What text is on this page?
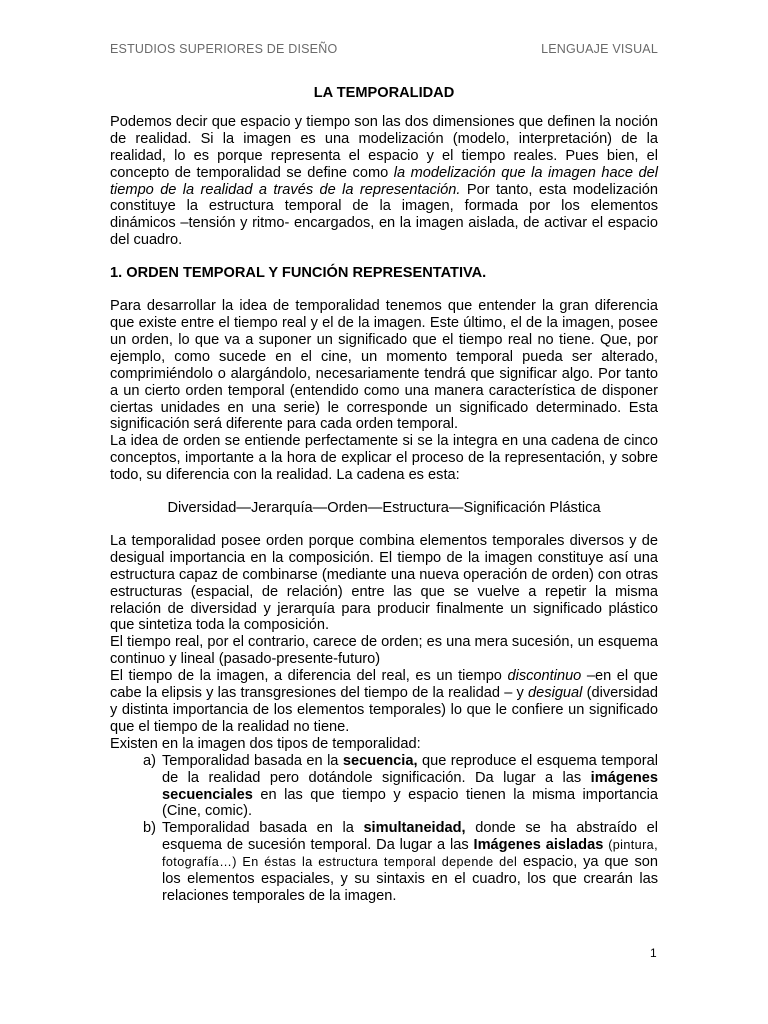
ESTUDIOS SUPERIORES DE DISEÑO	LENGUAJE VISUAL
LA TEMPORALIDAD

Podemos decir que espacio y tiempo son las dos dimensiones que definen la noción de realidad. Si la imagen es una modelización (modelo, interpretación) de la realidad, lo es porque representa el espacio y el tiempo reales. Pues bien, el concepto de temporalidad se define como la modelización que la imagen hace del tiempo de la realidad a través de la representación. Por tanto, esta modelización constituye la estructura temporal de la imagen, formada por los elementos dinámicos –tensión y ritmo- encargados, en la imagen aislada, de activar el espacio del cuadro.

1. ORDEN TEMPORAL Y FUNCIÓN REPRESENTATIVA.

Para desarrollar la idea de temporalidad tenemos que entender la gran diferencia que existe entre el tiempo real y el de la imagen. Este último, el de la imagen, posee un orden, lo que va a suponer un significado que el tiempo real no tiene. Que, por ejemplo, como sucede en el cine, un momento temporal pueda ser alterado, comprimiéndolo o alargándolo, necesariamente tendrá que significar algo. Por tanto a un cierto orden temporal (entendido como una manera característica de disponer ciertas unidades en una serie) le corresponde un significado determinado. Esta significación será diferente para cada orden temporal.

La idea de orden se entiende perfectamente si se la integra en una cadena de cinco conceptos, importante a la hora de explicar el proceso de la representación, y sobre todo, su diferencia con la realidad. La cadena es esta:

Diversidad—Jerarquía—Orden—Estructura—Significación Plástica

La temporalidad posee orden porque combina elementos temporales diversos y de desigual importancia en la composición. El tiempo de la imagen constituye así una estructura capaz de combinarse (mediante una nueva operación de orden) con otras estructuras (espacial, de relación) entre las que se vuelve a repetir la misma relación de diversidad y jerarquía para producir finalmente un significado plástico que sintetiza toda la composición.

El tiempo real, por el contrario, carece de orden; es una mera sucesión, un esquema continuo y lineal (pasado-presente-futuro)

El tiempo de la imagen, a diferencia del real, es un tiempo discontinuo –en el que cabe la elipsis y las transgresiones del tiempo de la realidad – y desigual (diversidad y distinta importancia de los elementos temporales) lo que le confiere un significado que el tiempo de la realidad no tiene.

Existen en la imagen dos tipos de temporalidad:

a) Temporalidad basada en la secuencia, que reproduce el esquema temporal de la realidad pero dotándole significación. Da lugar a las imágenes secuenciales en las que tiempo y espacio tienen la misma importancia (Cine, comic).
b) Temporalidad basada en la simultaneidad, donde se ha abstraído el esquema de sucesión temporal. Da lugar a las Imágenes aisladas (pintura, fotografía…) En éstas la estructura temporal depende del espacio, ya que son los elementos espaciales, y su sintaxis en el cuadro, los que crearán las relaciones temporales de la imagen.
1
